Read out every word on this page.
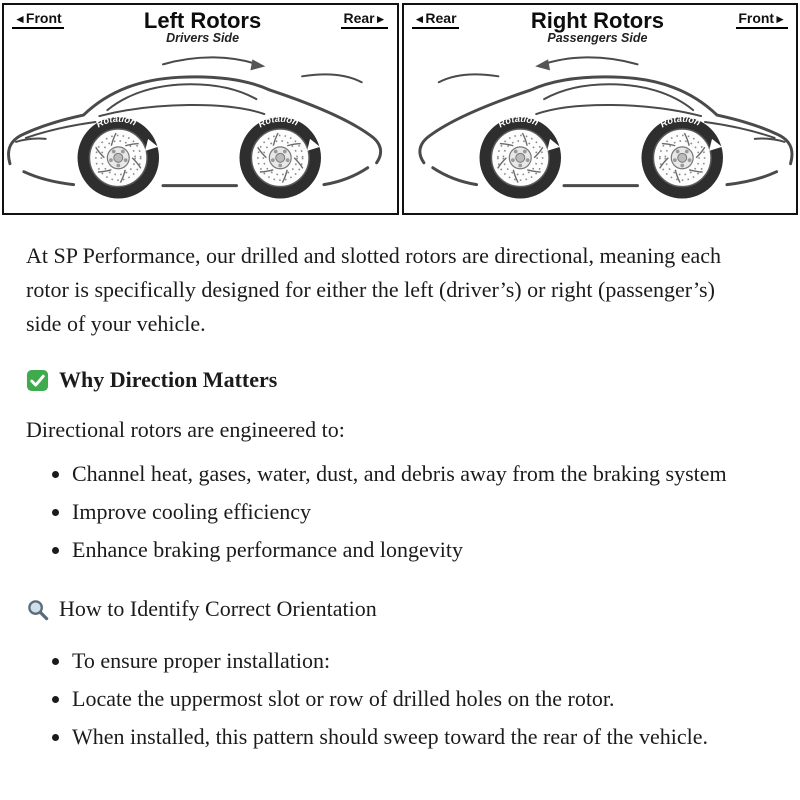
◄Front	Left Rotors
Drivers Side
Rear►
Rotation	Rotation
◄Rear	Right Rotors
Passengers Side
Front►
Rotation
Rotation

At SP Performance, our drilled and slotted rotors are directional, meaning each rotor is specifically designed for either the left (driver’s) or right (passenger’s) side of your vehicle.

Why Direction Matters

Directional rotors are engineered to:

• Channel heat, gases, water, dust, and debris away from the braking system
• Improve cooling efficiency
• Enhance braking performance and longevity
How to Identify Correct Orientation
• To ensure proper installation:
• Locate the uppermost slot or row of drilled holes on the rotor.
• When installed, this pattern should sweep toward the rear of the vehicle.
